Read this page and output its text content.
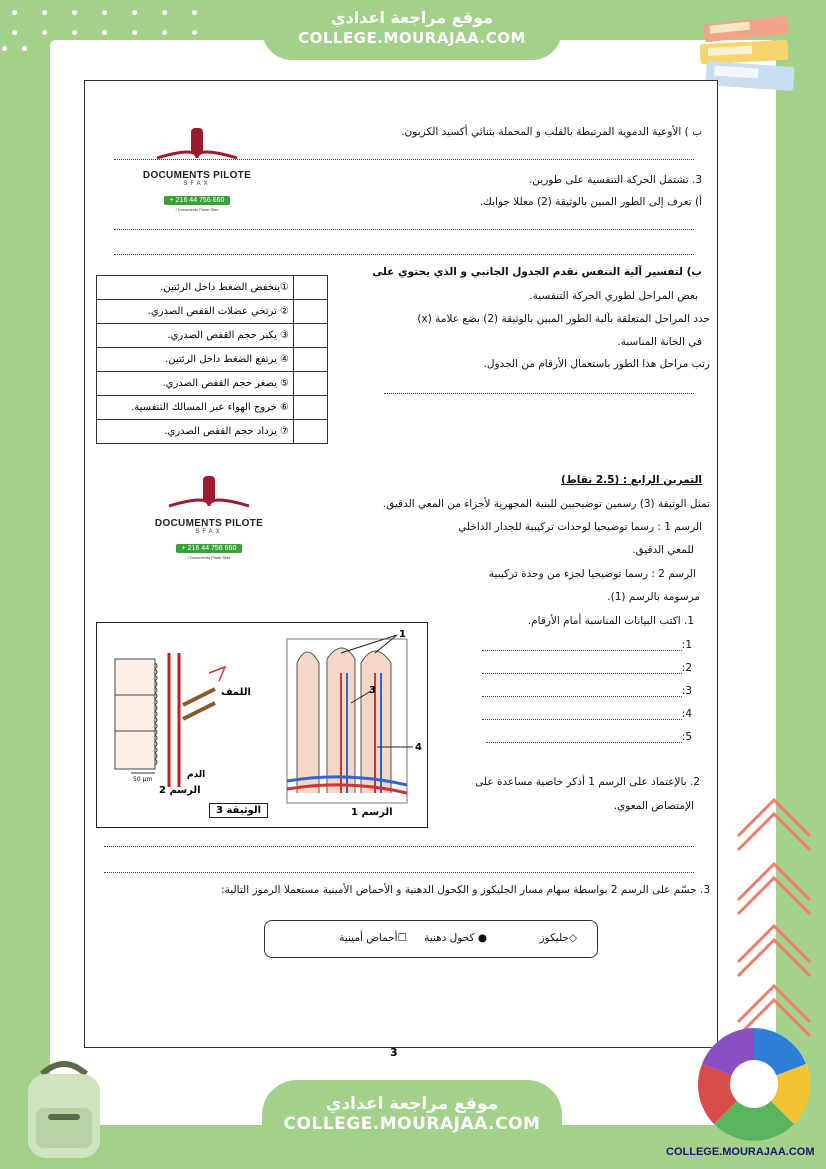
موقع مراجعة اعدادي
COLLEGE.MOURAJAA.COM
DOCUMENTS PILOTE
SFAX
+ 216 44 756 660
/ Documents Pilote Sfax
ب ) الأوعية الدموية المرتبطة بالقلب و المحملة بثنائي أكسيد الكربون.
3. تشتمل الحركة التنفسية على طورين.
أ) تعرف إلى الطور المبين بالوثيقة (2) معللا جوابك.
ب) لتفسير آلية التنفس نقدم الجدول الجانبي و الذي يحتوي على
بعض المراحل لطوري الحركة التنفسية.
حدد المراحل المتعلقة بآلية الطور المبين بالوثيقة (2) بضع علامة (x)
في الخانة المناسبة.
رتب مراحل هذا الطور باستعمال الأرقام من الجدول.
①ينخفض الضغط داخل الرئتين.	
② ترتخي عضلات القفص الصدري.	
③ يكبر حجم القفص الصدري.	
④ يرتفع الضغط داخل الرئتين.	
⑤ يصغر حجم القفص الصدري.	
⑥ خروج الهواء عبر المسالك التنفسية.	
⑦ يزداد حجم القفص الصدري.	
التمرين الرابع : (2.5 نقاط)
تمثل الوثيقة (3) رسمين توضيحيين للبنية المجهرية لأجزاء من المعي الدقيق.
الرسم 1 : رسما توضيحيا لوحدات تركيبية للجدار الداخلي
للمعي الدقيق.
الرسم 2 : رسما توضيحيا لجزء من وحدة تركيبية
مرسومة بالرسم (1).
DOCUMENTS PILOTE
SFAX
+ 216 44 756 660
/ Documents Pilote Sfax
1. اكتب البيانات المناسبة أمام الأرقام.
1:
2:
3:
4:
5:
2. بالإعتماد على الرسم 1 أذكر خاصية مساعدة على
الإمتصاص المعوي.
1
3
4
اللمف
الدم
50 µm
الرسم 2
الرسم 1
الوثيقة 3
3. جسّم على الرسم 2 بواسطة سهام مسار الجليكوز و الكحول الدهنية و الأحماض الأمينية مستعملا الرموز التالية:
◇جليكوز
● كحول دهنية
☐أحماض أمينية
3
موقع مراجعة اعدادي
COLLEGE.MOURAJAA.COM
COLLEGE.MOURAJAA.COM
